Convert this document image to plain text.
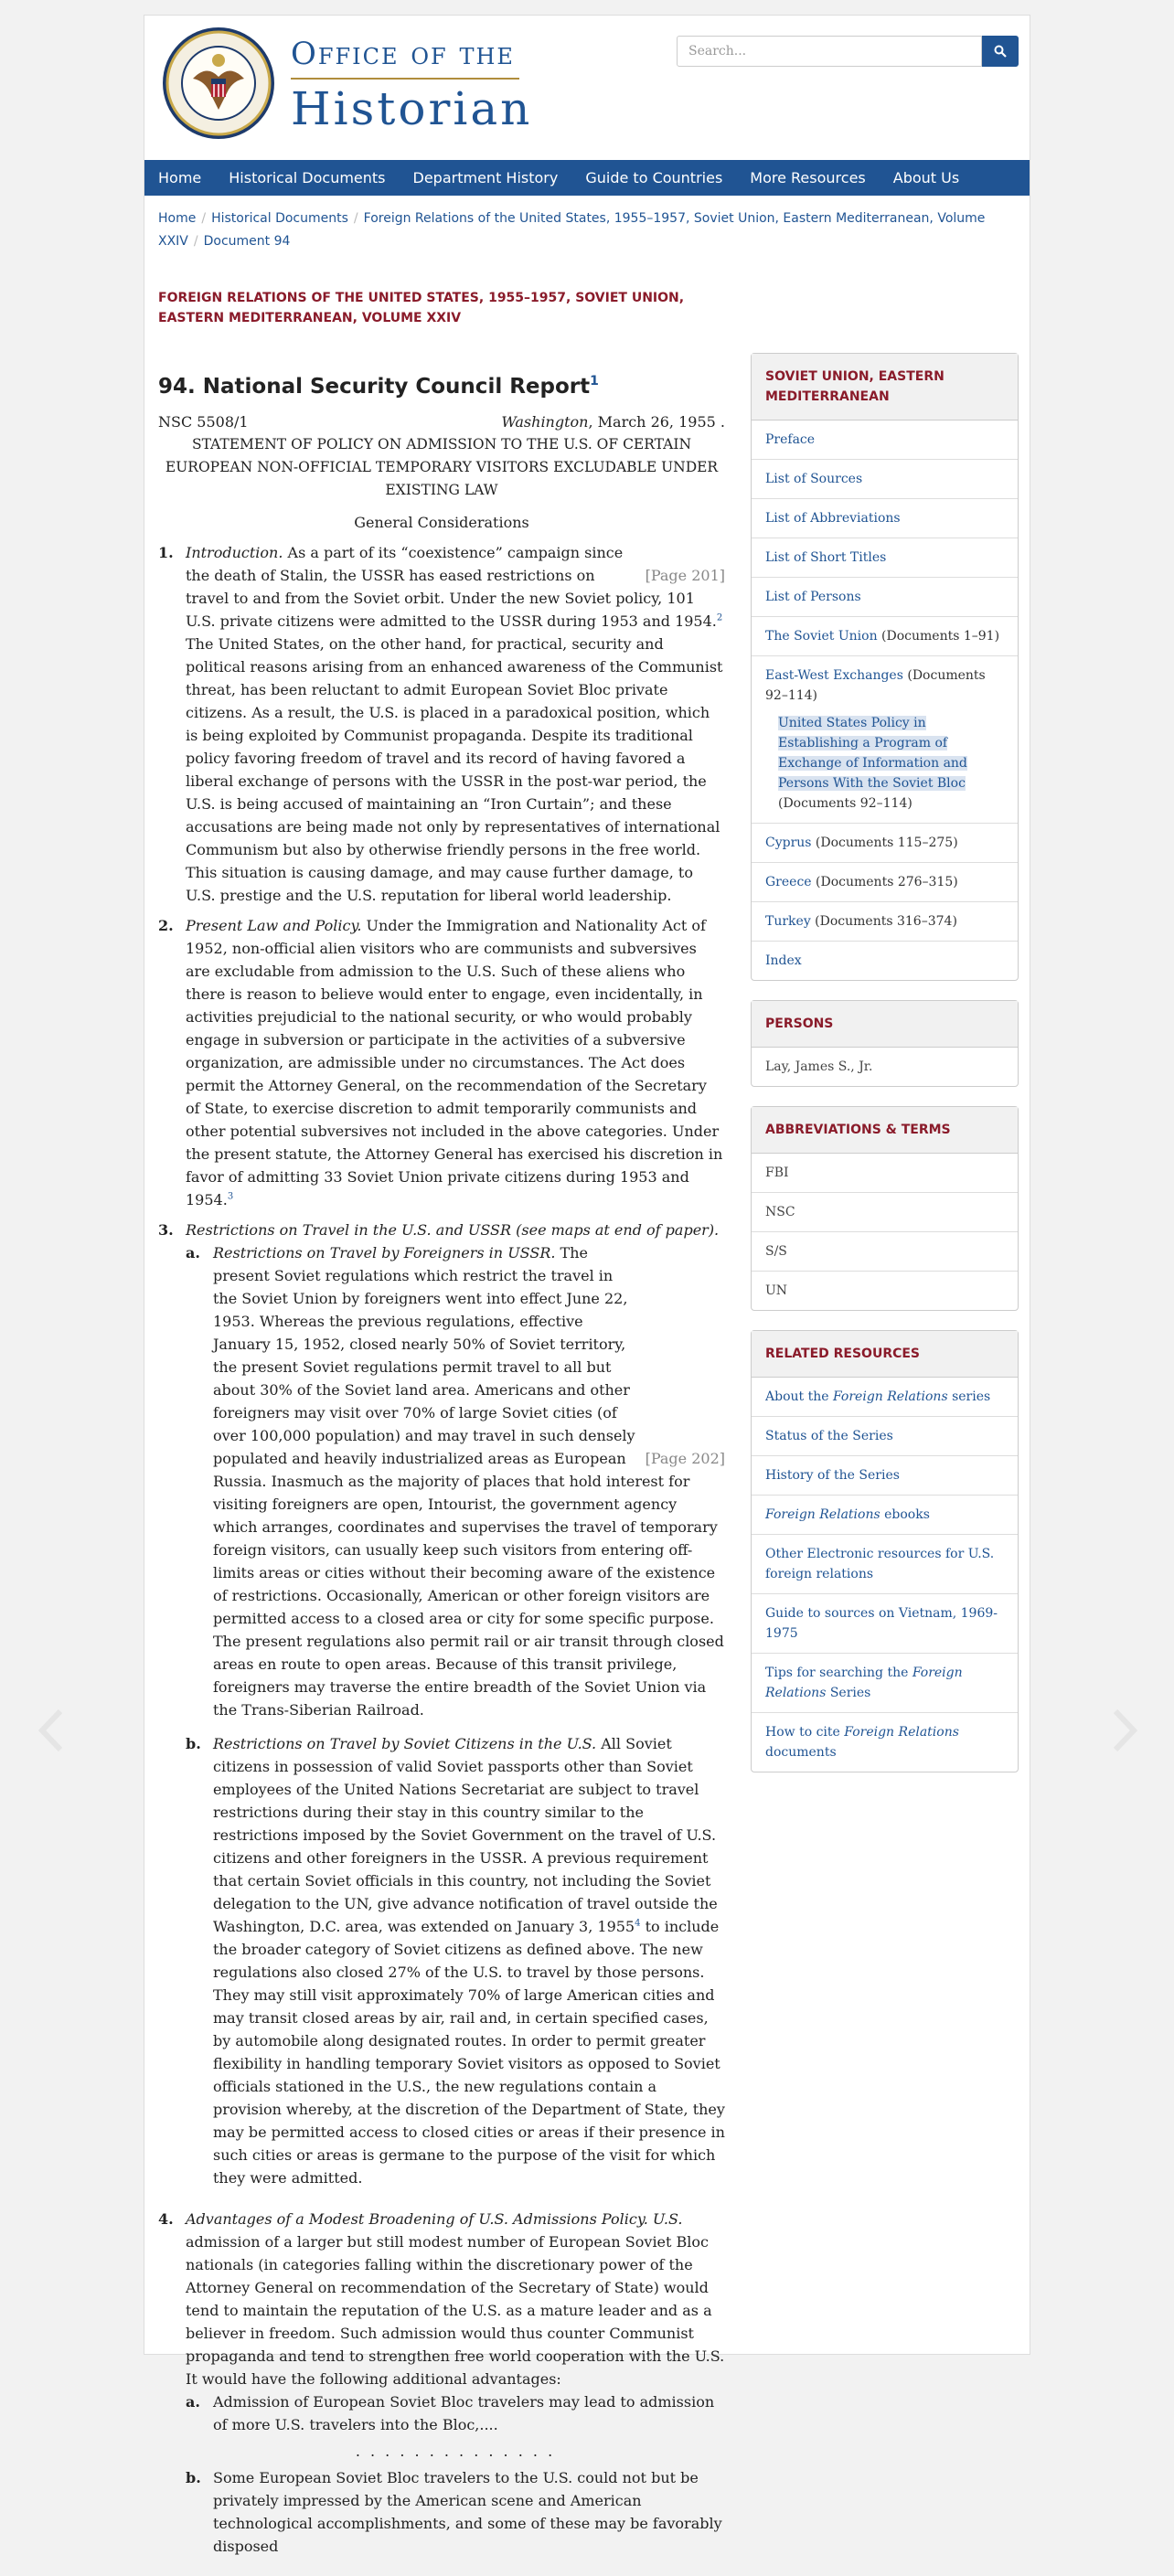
Office of the
Historian
Search...
Home	Historical Documents	Department History	Guide to Countries	More Resources	About Us
Home / Historical Documents / Foreign Relations of the United States, 1955–1957, Soviet Union, Eastern Mediterranean, Volume XXIV / Document 94
FOREIGN RELATIONS OF THE UNITED STATES, 1955–1957, SOVIET UNION, EASTERN MEDITERRANEAN, VOLUME XXIV
94. National Security Council Report$^1$
NSC 5508/1	Washington, March 26, 1955 .
STATEMENT OF POLICY ON ADMISSION TO THE U.S. OF CERTAIN EUROPEAN NON-OFFICIAL TEMPORARY VISITORS EXCLUDABLE UNDER EXISTING LAW
General Considerations
1.
[Page 201]
Introduction. As a part of its “coexistence” campaign since the death of Stalin, the USSR has eased restrictions on travel to and from the Soviet orbit. Under the new Soviet policy, 101 U.S. private citizens were admitted to the USSR during 1953 and 1954.$^2$ The United States, on the other hand, for practical, security and political reasons arising from an enhanced awareness of the Communist threat, has been reluctant to admit European Soviet Bloc private citizens. As a result, the U.S. is placed in a paradoxical position, which is being exploited by Communist propaganda. Despite its traditional policy favoring freedom of travel and its record of having favored a liberal exchange of persons with the USSR in the post-war period, the U.S. is being accused of maintaining an “Iron Curtain”; and these accusations are being made not only by representatives of international Communism but also by otherwise friendly persons in the free world. This situation is causing damage, and may cause further damage, to U.S. prestige and the U.S. reputation for liberal world leadership.
2. Present Law and Policy. Under the Immigration and Nationality Act of 1952, non-official alien visitors who are communists and subversives are excludable from admission to the U.S. Such of these aliens who there is reason to believe would enter to engage, even incidentally, in activities prejudicial to the national security, or who would probably engage in subversion or participate in the activities of a subversive organization, are admissible under no circumstances. The Act does permit the Attorney General, on the recommendation of the Secretary of State, to exercise discretion to admit temporarily communists and other potential subversives not included in the above categories. Under the present statute, the Attorney General has exercised his discretion in favor of admitting 33 Soviet Union private citizens during 1953 and 1954.$^3$
3. Restrictions on Travel in the U.S. and USSR (see maps at end of paper).
a.
[Page 202]
Restrictions on Travel by Foreigners in USSR. The present Soviet regulations which restrict the travel in the Soviet Union by foreigners went into effect June 22, 1953. Whereas the previous regulations, effective January 15, 1952, closed nearly 50% of Soviet territory, the present Soviet regulations permit travel to all but about 30% of the Soviet land area. Americans and other foreigners may visit over 70% of large Soviet cities (of over 100,000 population) and may travel in such densely populated and heavily industrialized areas as European Russia. Inasmuch as the majority of places that hold interest for visiting foreigners are open, Intourist, the government agency which arranges, coordinates and supervises the travel of temporary foreign visitors, can usually keep such visitors from entering off-limits areas or cities without their becoming aware of the existence of restrictions. Occasionally, American or other foreign visitors are permitted access to a closed area or city for some specific purpose. The present regulations also permit rail or air transit through closed areas en route to open areas. Because of this transit privilege, foreigners may traverse the entire breadth of the Soviet Union via the Trans-Siberian Railroad.
b. Restrictions on Travel by Soviet Citizens in the U.S. All Soviet citizens in possession of valid Soviet passports other than Soviet employees of the United Nations Secretariat are subject to travel restrictions during their stay in this country similar to the restrictions imposed by the Soviet Government on the travel of U.S. citizens and other foreigners in the USSR. A previous requirement that certain Soviet officials in this country, not including the Soviet delegation to the UN, give advance notification of travel outside the Washington, D.C. area, was extended on January 3, 1955$^4$ to include the broader category of Soviet citizens as defined above. The new regulations also closed 27% of the U.S. to travel by those persons. They may still visit approximately 70% of large American cities and may transit closed areas by air, rail and, in certain specified cases, by automobile along designated routes. In order to permit greater flexibility in handling temporary Soviet visitors as opposed to Soviet officials stationed in the U.S., the new regulations contain a provision whereby, at the discretion of the Department of State, they may be permitted access to closed cities or areas if their presence in such cities or areas is germane to the purpose of the visit for which they were admitted.
4. Advantages of a Modest Broadening of U.S. Admissions Policy. U.S. admission of a larger but still modest number of European Soviet Bloc nationals (in categories falling within the discretionary power of the Attorney General on recommendation of the Secretary of State) would tend to maintain the reputation of the U.S. as a mature leader and as a believer in freedom. Such admission would thus counter Communist propaganda and tend to strengthen free world cooperation with the U.S. It would have the following additional advantages:
a. Admission of European Soviet Bloc travelers may lead to admission of more U.S. travelers into the Bloc,....
. . . . . . . . . . . . . .
b. Some European Soviet Bloc travelers to the U.S. could not but be privately impressed by the American scene and American technological accomplishments, and some of these may be favorably disposed
SOVIET UNION, EASTERN MEDITERRANEAN
Preface
List of Sources
List of Abbreviations
List of Short Titles
List of Persons
The Soviet Union (Documents 1–91)
East-West Exchanges (Documents 92–114)
United States Policy in Establishing a Program of Exchange of Information and Persons With the Soviet Bloc (Documents 92–114)
Cyprus (Documents 115–275)
Greece (Documents 276–315)
Turkey (Documents 316–374)
Index
PERSONS
Lay, James S., Jr.
ABBREVIATIONS & TERMS
FBI
NSC
S/S
UN
RELATED RESOURCES
About the Foreign Relations series
Status of the Series
History of the Series
Foreign Relations ebooks
Other Electronic resources for U.S. foreign relations
Guide to sources on Vietnam, 1969-1975
Tips for searching the Foreign Relations Series
How to cite Foreign Relations documents
